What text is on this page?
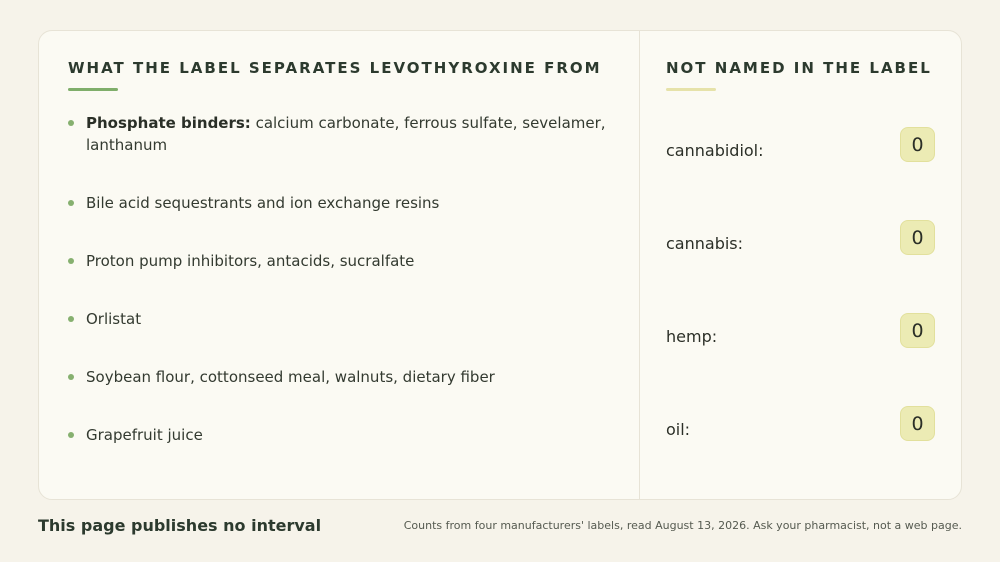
WHAT THE LABEL SEPARATES LEVOTHYROXINE FROM
Phosphate binders: calcium carbonate, ferrous sulfate, sevelamer, lanthanum
Bile acid sequestrants and ion exchange resins
Proton pump inhibitors, antacids, sucralfate
Orlistat
Soybean flour, cottonseed meal, walnuts, dietary fiber
Grapefruit juice
NOT NAMED IN THE LABEL
cannabidiol:	0
cannabis:	0
hemp:	0
oil:	0
This page publishes no interval	Counts from four manufacturers' labels, read August 13, 2026. Ask your pharmacist, not a web page.
